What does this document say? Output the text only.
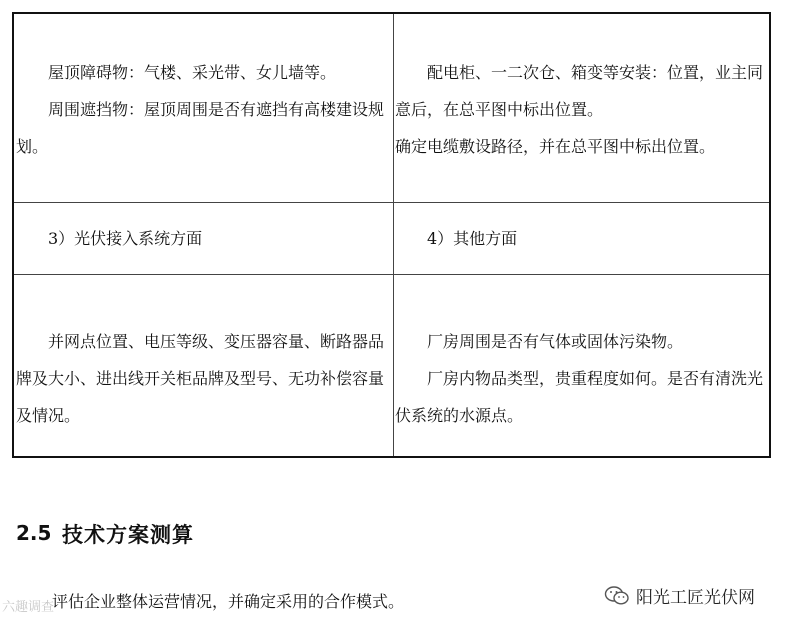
屋顶障碍物：气楼、采光带、女儿墙等。
周围遮挡物：屋顶周围是否有遮挡有高楼建设规划。
配电柜、一二次仓、箱变等安装：位置，业主同意后，在总平图中标出位置。
确定电缆敷设路径，并在总平图中标出位置。
3）光伏接入系统方面	4）其他方面
并网点位置、电压等级、变压器容量、断路器品牌及大小、进出线开关柜品牌及型号、无功补偿容量及情况。
厂房周围是否有气体或固体污染物。
厂房内物品类型，贵重程度如何。是否有清洗光伏系统的水源点。
2.5 技术方案测算
评估企业整体运营情况，并确定采用的合作模式。	阳光工匠光伏网
六趣调查
